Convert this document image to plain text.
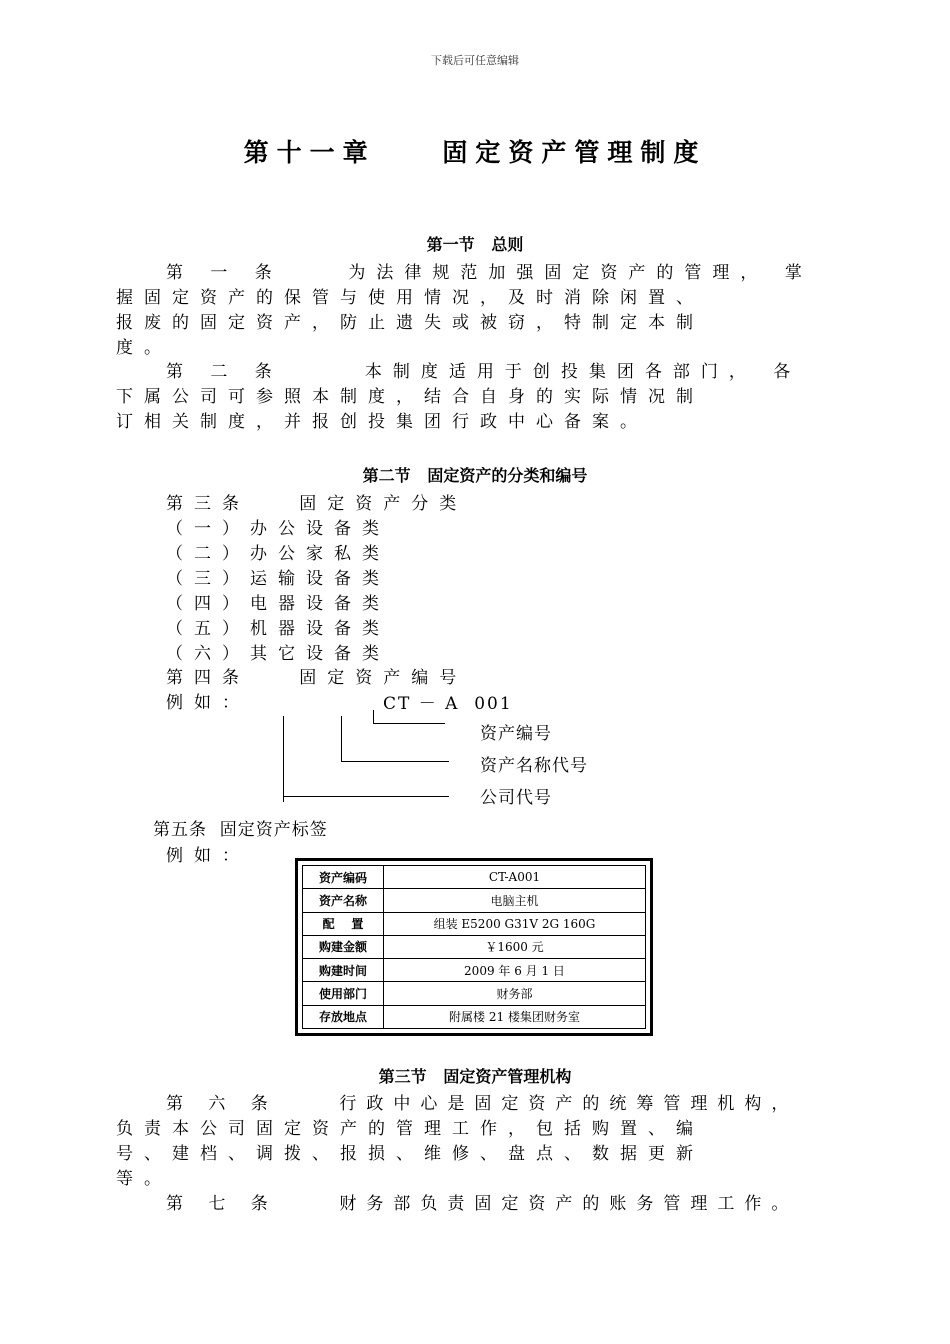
下载后可任意编辑
第十一章    固定资产管理制度
第一节   总则
第 一 条    为法律规范加强固定资产的管理， 掌
握固定资产的保管与使用情况，及时消除闲置、
报废的固定资产，防止遗失或被窃，特制定本制
度。
第 二 条     本制度适用于创投集团各部门， 各
下属公司可参照本制度，结合自身的实际情况制
订相关制度，并报创投集团行政中心备案。
第二节   固定资产的分类和编号
第三条   固定资产分类
（一）办公设备类
（二）办公家私类
（三）运输设备类
（四）电器设备类
（五）机器设备类
（六）其它设备类
第四条   固定资产编号
例如：	CT － A  001
资产编号
资产名称代号
公司代号
第五条  固定资产标签
例如：
资产编码	CT-A001
资产名称	电脑主机
配    置	组装 E5200 G31V 2G 160G
购建金额	￥1600 元
购建时间	2009 年 6 月 1 日
使用部门	财务部
存放地点	附属楼 21 楼集团财务室
第三节   固定资产管理机构
第 六 条    行政中心是固定资产的统筹管理机构，
负责本公司固定资产的管理工作，包括购置、编
号、建档、调拨、报损、维修、盘点、数据更新
等。
第 七 条    财务部负责固定资产的账务管理工作。
